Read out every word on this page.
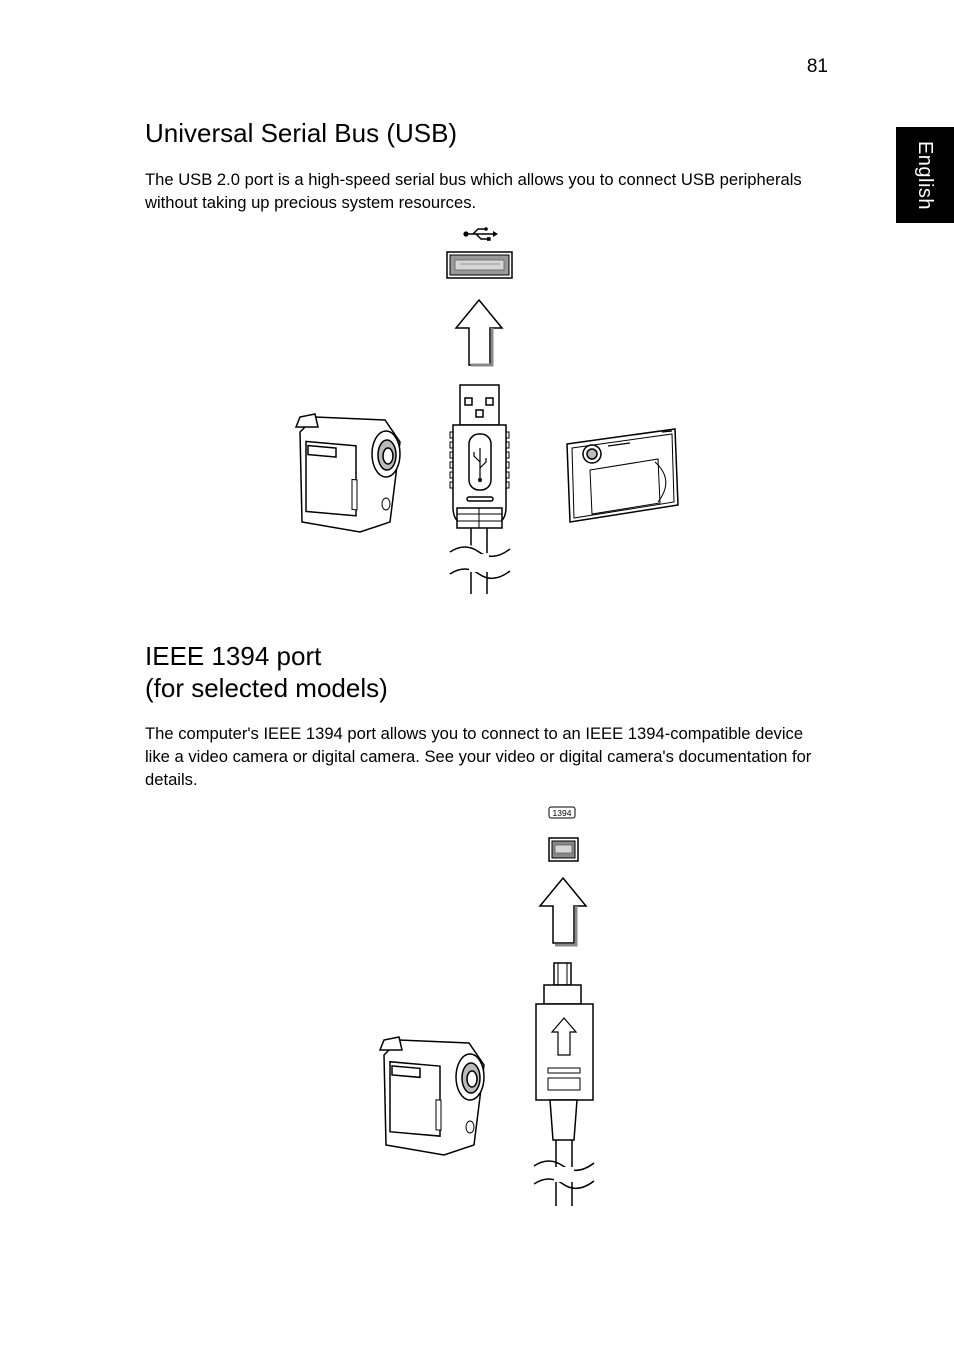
81
English
Universal Serial Bus (USB)

The USB 2.0 port is a high-speed serial bus which allows you to connect USB peripherals without taking up precious system resources.

IEEE 1394 port
(for selected models)

The computer's IEEE 1394 port allows you to connect to an IEEE 1394-compatible device like a video camera or digital camera. See your video or digital camera's documentation for details.

1394
